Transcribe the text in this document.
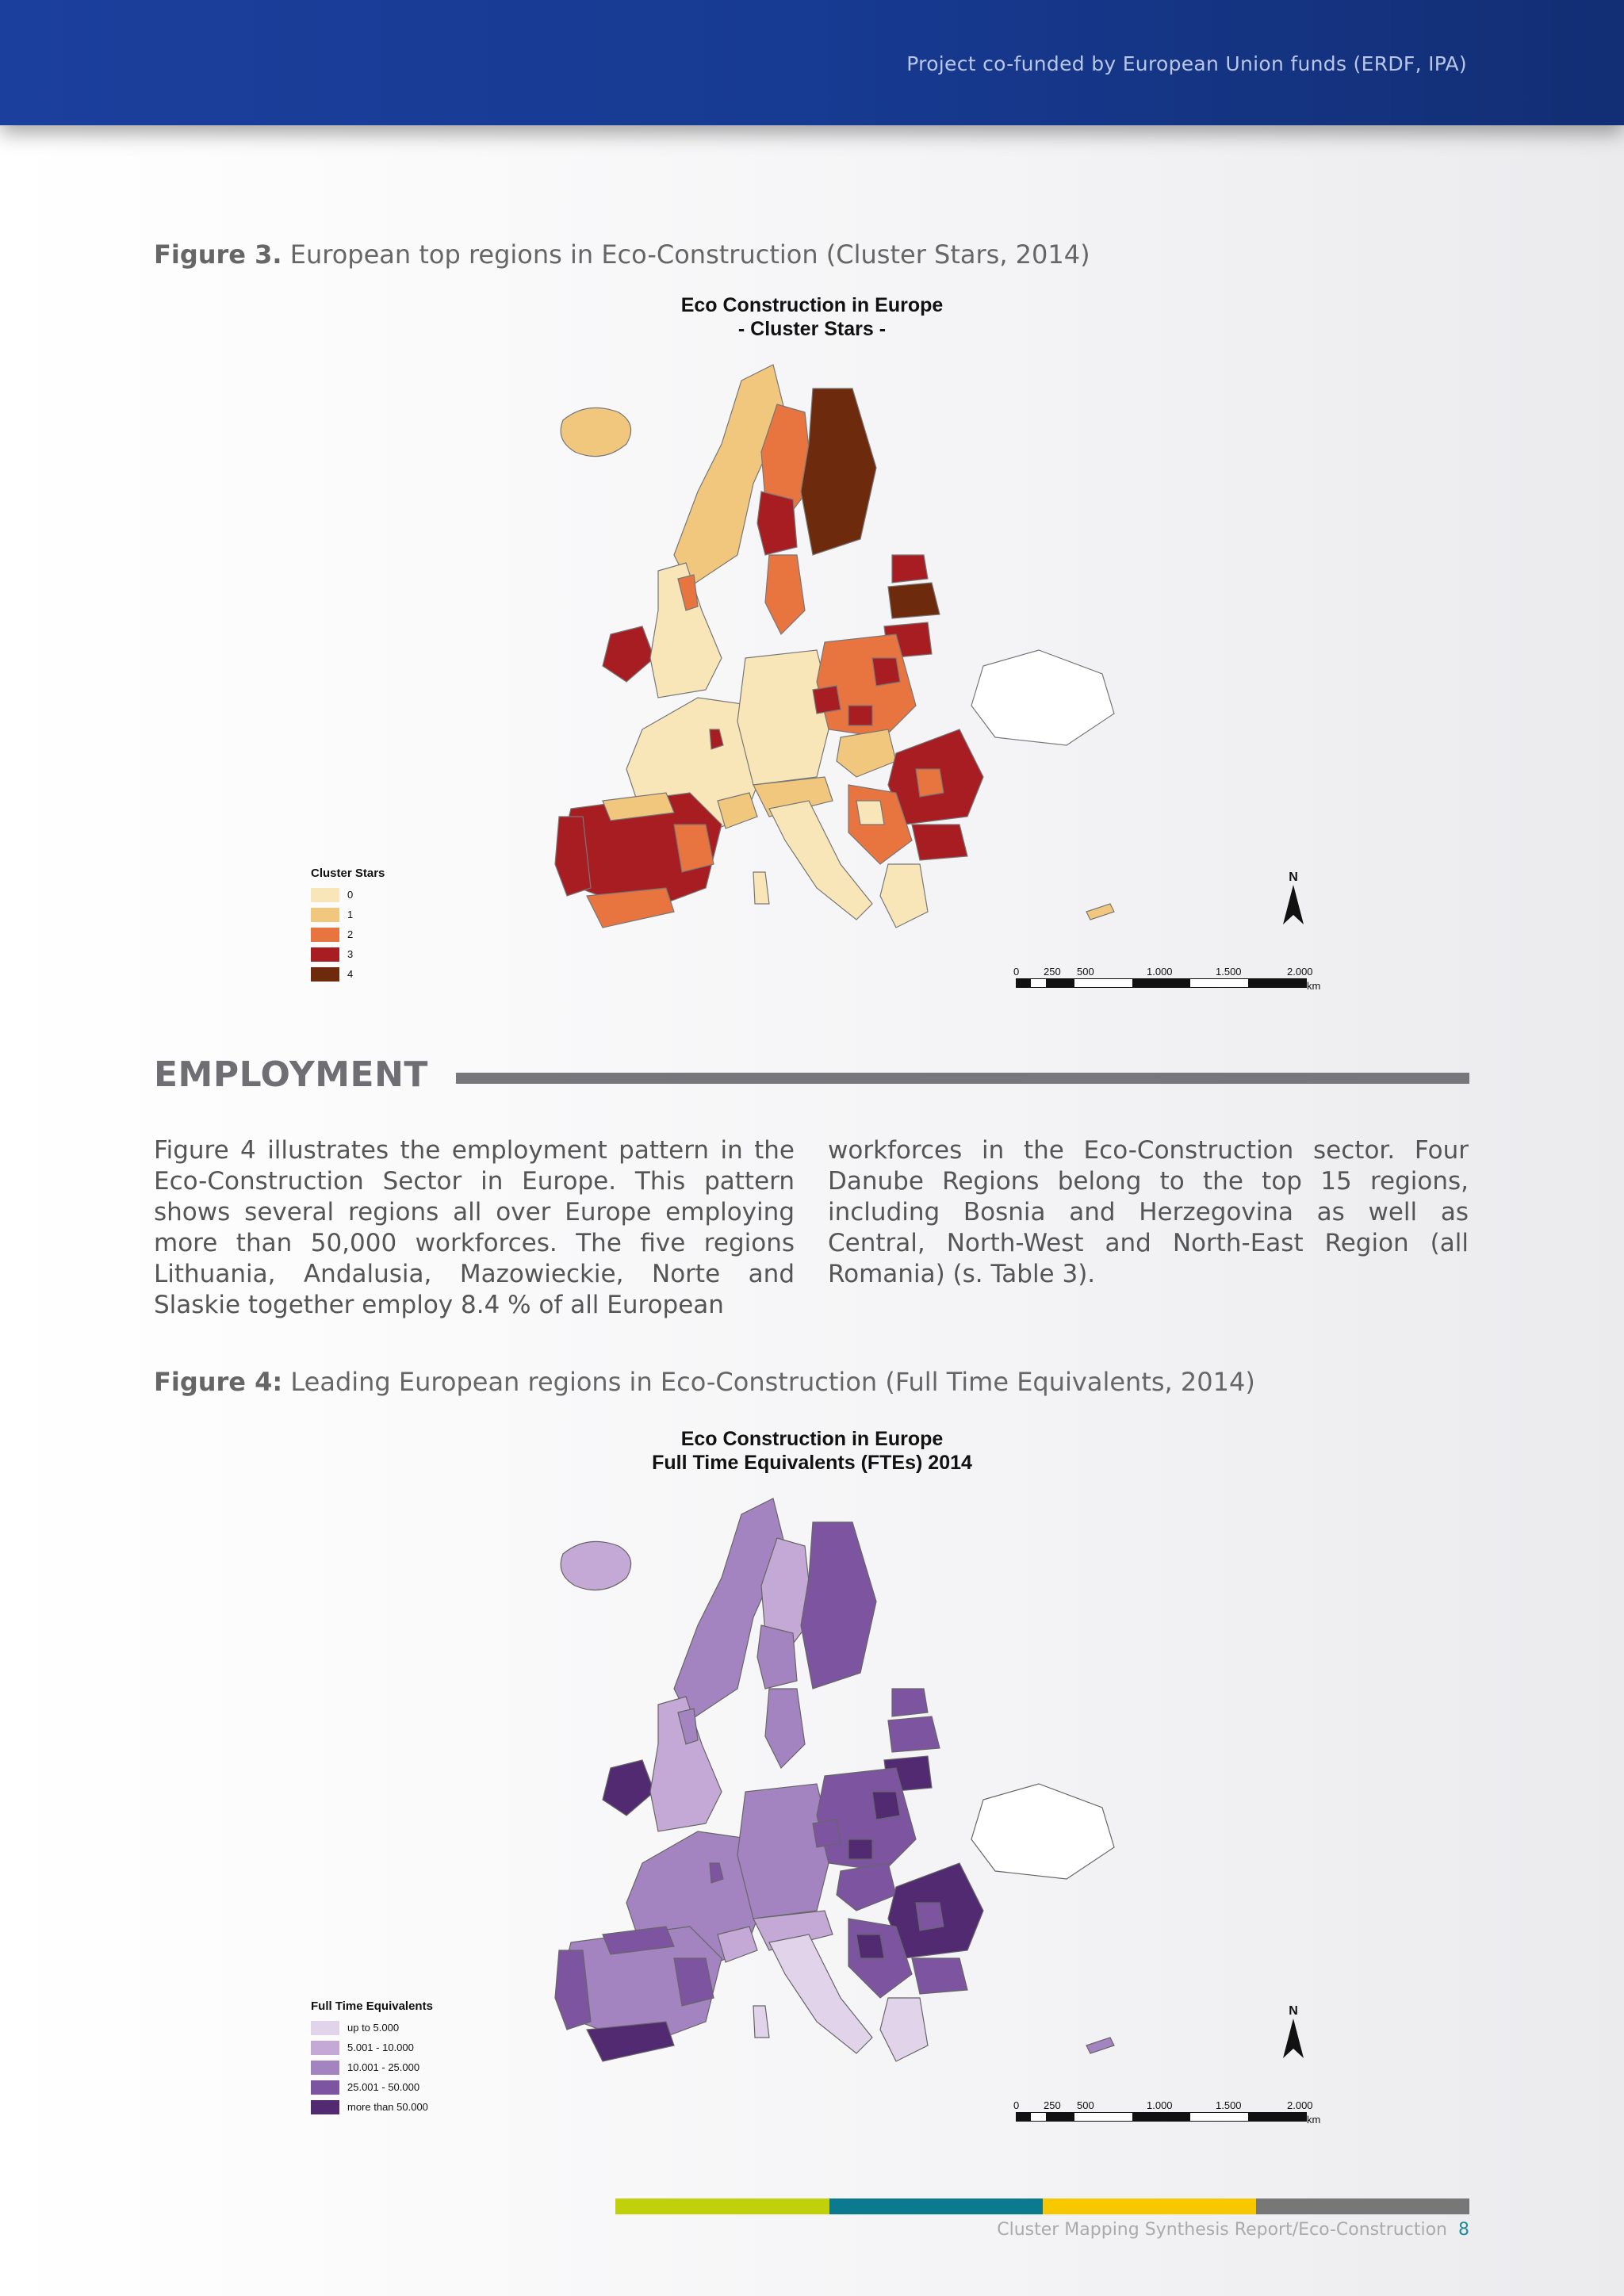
Project co-funded by European Union funds (ERDF, IPA)
Figure 3. European top regions in Eco-Construction (Cluster Stars, 2014)
Eco Construction in Europe
- Cluster Stars -
Cluster Stars
0
1
2
3
4
N
0 250 500	1.000	1.500	2.000
km
EMPLOYMENT
Figure 4 illustrates the employment pattern in the Eco-Construction Sector in Europe. This pattern shows several regions all over Europe employing more than 50,000 workforces. The five regions Lithuania, Andalusia, Mazowieckie, Norte and Slaskie together employ 8.4 % of all European
workforces in the Eco-Construction sector. Four Danube Regions belong to the top 15 regions, including Bosnia and Herzegovina as well as Central, North-West and North-East Region (all Romania) (s. Table 3).
Figure 4: Leading European regions in Eco-Construction (Full Time Equivalents, 2014)
Eco Construction in Europe
Full Time Equivalents (FTEs) 2014
Full Time Equivalents
up to 5.000
5.001 - 10.000
10.001 - 25.000
25.001 - 50.000
more than 50.000
N
0 250 500	1.000	1.500	2.000
km
Cluster Mapping Synthesis Report/Eco-Construction 8
